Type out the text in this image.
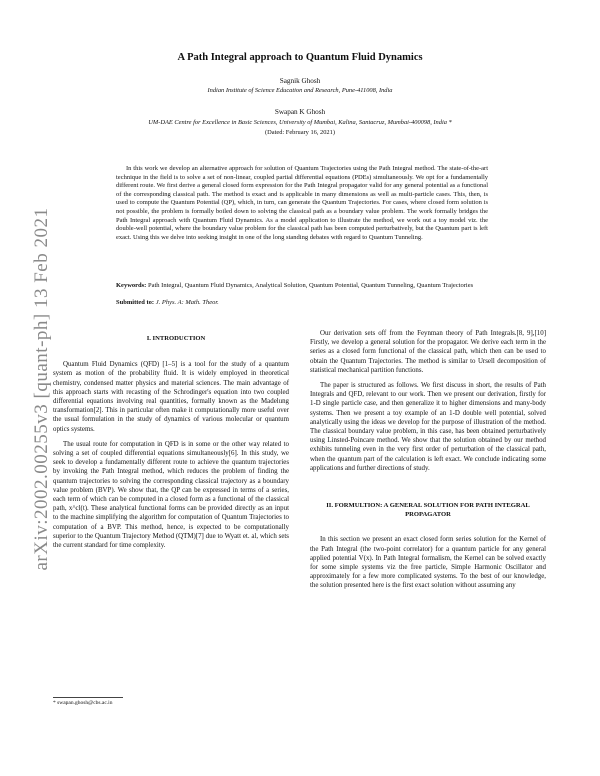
arXiv:2002.00255v3 [quant-ph] 13 Feb 2021
A Path Integral approach to Quantum Fluid Dynamics
Sagnik Ghosh
Indian Institute of Science Education and Research, Pune-411008, India
Swapan K Ghosh
UM-DAE Centre for Excellence in Basic Sciences, University of Mumbai, Kalina, Santacruz, Mumbai-400098, India *
(Dated: February 16, 2021)

In this work we develop an alternative approach for solution of Quantum Trajectories using the Path Integral method. The state-of-the-art technique in the field is to solve a set of non-linear, coupled partial differential equations (PDEs) simultaneously. We opt for a fundamentally different route. We first derive a general closed form expression for the Path Integral propagator valid for any general potential as a functional of the corresponding classical path. The method is exact and is applicable in many dimensions as well as multi-particle cases. This, then, is used to compute the Quantum Potential (QP), which, in turn, can generate the Quantum Trajectories. For cases, where closed form solution is not possible, the problem is formally boiled down to solving the classical path as a boundary value problem. The work formally bridges the Path Integral approach with Quantum Fluid Dynamics. As a model application to illustrate the method, we work out a toy model viz. the double-well potential, where the boundary value problem for the classical path has been computed perturbatively, but the Quantum part is left exact. Using this we delve into seeking insight in one of the long standing debates with regard to Quantum Tunneling.

Keywords: Path Integral, Quantum Fluid Dynamics, Analytical Solution, Quantum Potential, Quantum Tunneling, Quantum Trajectories

Submitted to: J. Phys. A: Math. Theor.

I. INTRODUCTION

Quantum Fluid Dynamics (QFD) [1–5] is a tool for the study of a quantum system as motion of the probability fluid. It is widely employed in theoretical chemistry, condensed matter physics and material sciences. The main advantage of this approach starts with recasting of the Schrodinger's equation into two coupled differential equations involving real quantities, formally known as the Madelung transformation[2]. This in particular often make it computationally more useful over the usual formulation in the study of dynamics of various molecular or quantum optics systems.

The usual route for computation in QFD is in some or the other way related to solving a set of coupled differential equations simultaneously[6]. In this study, we seek to develop a fundamentally different route to achieve the quantum trajectories by invoking the Path Integral method, which reduces the problem of finding the quantum trajectories to solving the corresponding classical trajectory as a boundary value problem (BVP). We show that, the QP can be expressed in terms of a series, each term of which can be computed in a closed form as a functional of the classical path, x^cl(t). These analytical functional forms can be provided directly as an input to the machine simplifying the algorithm for computation of Quantum Trajectories to computation of a BVP. This method, hence, is expected to be computationally superior to the Quantum Trajectory Method (QTM)[7] due to Wyatt et. al, which sets the current standard for time complexity.

Our derivation sets off from the Feynman theory of Path Integrals.[8, 9],[10] Firstly, we develop a general solution for the propagator. We derive each term in the series as a closed form functional of the classical path, which then can be used to obtain the Quantum Trajectories. The method is similar to Ursell decomposition of statistical mechanical partition functions.

The paper is structured as follows. We first discuss in short, the results of Path Integrals and QFD, relevant to our work. Then we present our derivation, firstly for 1-D single particle case, and then generalize it to higher dimensions and many-body systems. Then we present a toy example of an 1-D double well potential, solved analytically using the ideas we develop for the purpose of illustration of the method. The classical boundary value problem, in this case, has been obtained perturbatively using Linsted-Poincare method. We show that the solution obtained by our method exhibits tunneling even in the very first order of perturbation of the classical path, when the quantum part of the calculation is left exact. We conclude indicating some applications and further directions of study.

II. FORMULTION: A GENERAL SOLUTION FOR PATH INTEGRAL PROPAGATOR

In this section we present an exact closed form series solution for the Kernel of the Path Integral (the two-point correlator) for a quantum particle for any general applied potential V(x). In Path Integral formalism, the Kernel can be solved exactly for some simple systems viz the free particle, Simple Harmonic Oscillator and approximately for a few more complicated systems. To the best of our knowledge, the solution presented here is the first exact solution without assuming any

* swapan.ghosh@cbs.ac.in
